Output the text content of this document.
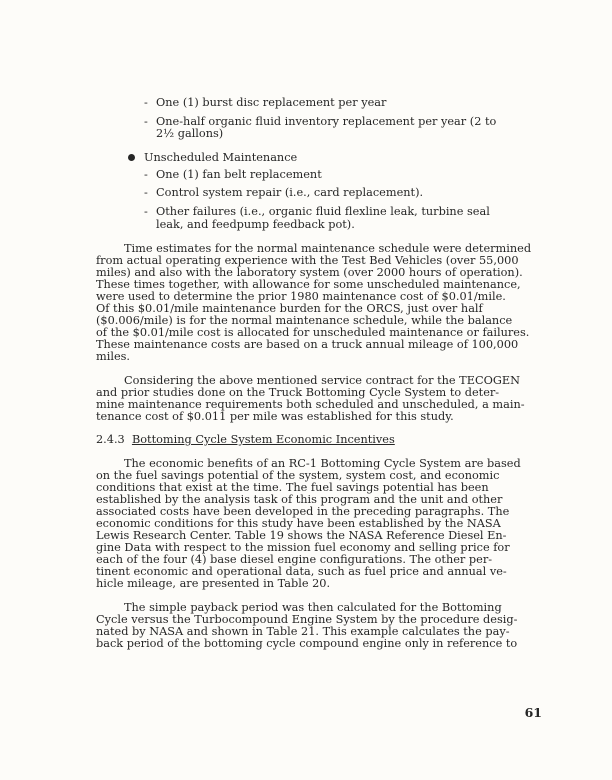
- One (1) burst disc replacement per year
- One-half organic fluid inventory replacement per year (2 to
2½ gallons)
Unscheduled Maintenance
- One (1) fan belt replacement
- Control system repair (i.e., card replacement).
- Other failures (i.e., organic fluid flexline leak, turbine seal
leak, and feedpump feedback pot).
Time estimates for the normal maintenance schedule were determined
from actual operating experience with the Test Bed Vehicles (over 55,000
miles) and also with the laboratory system (over 2000 hours of operation).
These times together, with allowance for some unscheduled maintenance,
were used to determine the prior 1980 maintenance cost of $0.01/mile.
Of this $0.01/mile maintenance burden for the ORCS, just over half
($0.006/mile) is for the normal maintenance schedule, while the balance
of the $0.01/mile cost is allocated for unscheduled maintenance or failures.
These maintenance costs are based on a truck annual mileage of 100,000
miles.
Considering the above mentioned service contract for the TECOGEN
and prior studies done on the Truck Bottoming Cycle System to deter-
mine maintenance requirements both scheduled and unscheduled, a main-
tenance cost of $0.011 per mile was established for this study.
2.4.3 Bottoming Cycle System Economic Incentives
The economic benefits of an RC-1 Bottoming Cycle System are based
on the fuel savings potential of the system, system cost, and economic
conditions that exist at the time. The fuel savings potential has been
established by the analysis task of this program and the unit and other
associated costs have been developed in the preceding paragraphs. The
economic conditions for this study have been established by the NASA
Lewis Research Center. Table 19 shows the NASA Reference Diesel En-
gine Data with respect to the mission fuel economy and selling price for
each of the four (4) base diesel engine configurations. The other per-
tinent economic and operational data, such as fuel price and annual ve-
hicle mileage, are presented in Table 20.
The simple payback period was then calculated for the Bottoming
Cycle versus the Turbocompound Engine System by the procedure desig-
nated by NASA and shown in Table 21. This example calculates the pay-
back period of the bottoming cycle compound engine only in reference to
61
